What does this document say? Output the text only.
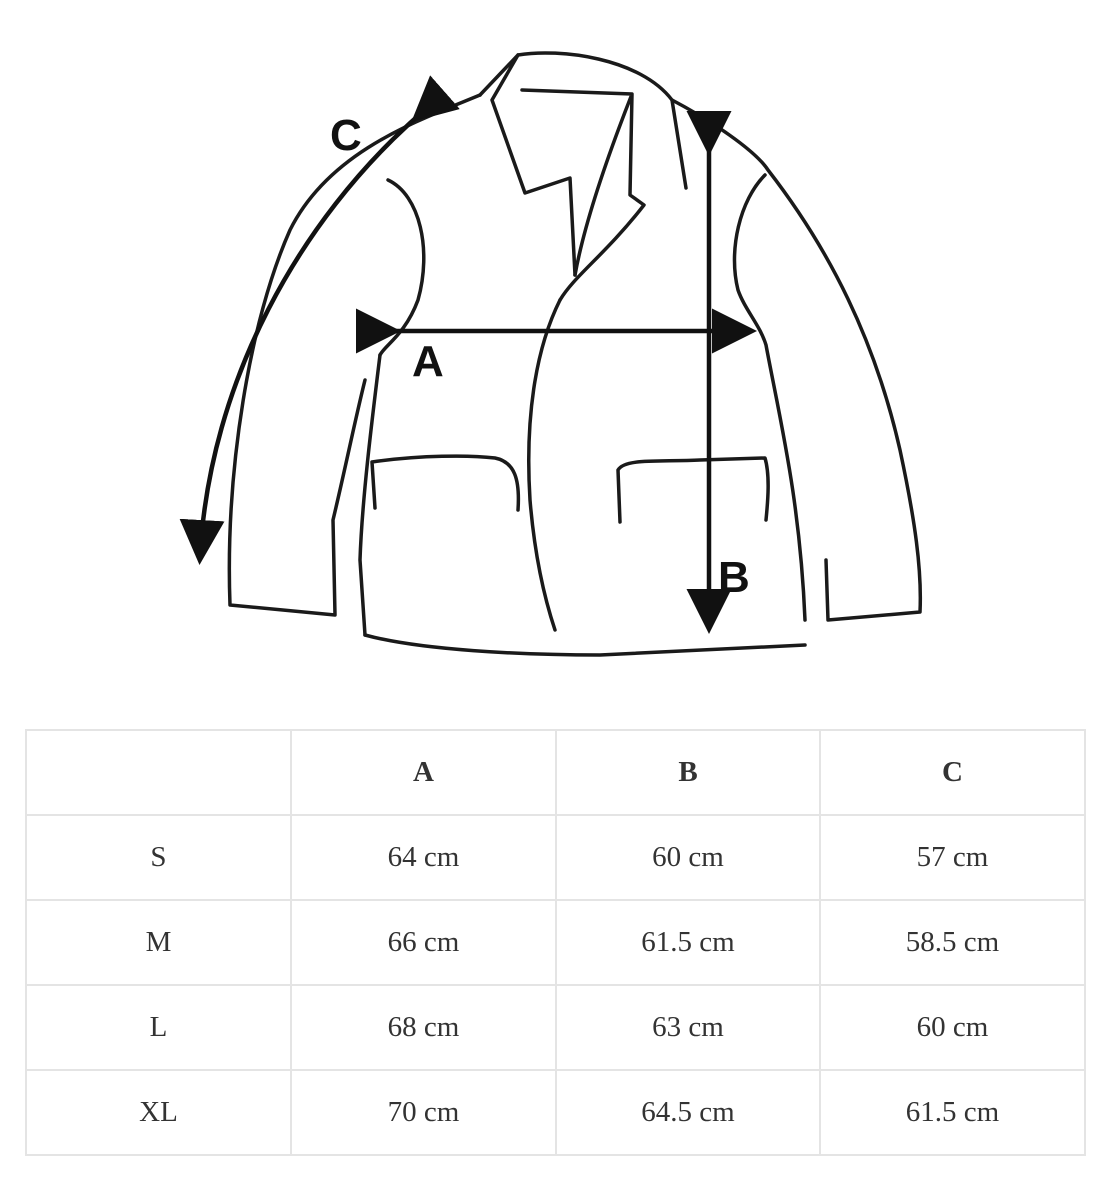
A
B
C
	A	B	C
S	64 cm	60 cm	57 cm
M	66 cm	61.5 cm	58.5 cm
L	68 cm	63 cm	60 cm
XL	70 cm	64.5 cm	61.5 cm
